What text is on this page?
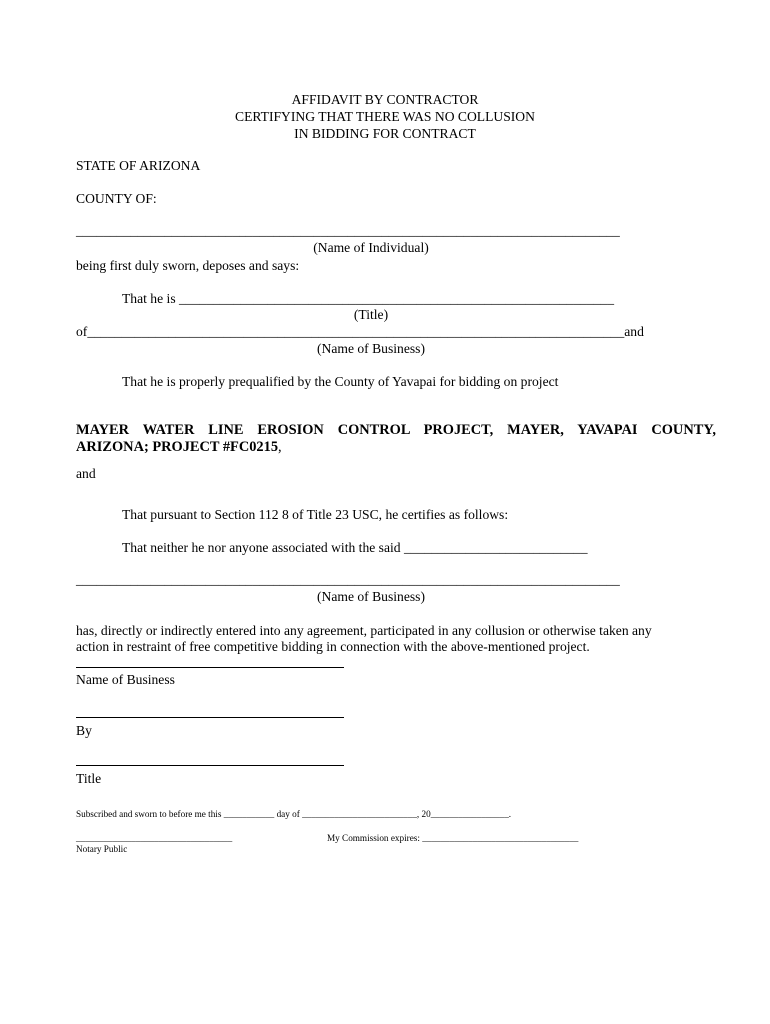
AFFIDAVIT BY CONTRACTOR
CERTIFYING THAT THERE WAS NO COLLUSION
IN BIDDING FOR CONTRACT
STATE OF ARIZONA
COUNTY OF:
________________________________________________________________________________
(Name of Individual)
being first duly sworn, deposes and says:
That he is ________________________________________________________________
(Title)
of_______________________________________________________________________________and
(Name of Business)
That he is properly prequalified by the County of Yavapai for bidding on project
MAYER WATER LINE EROSION CONTROL PROJECT, MAYER, YAVAPAI COUNTY,
ARIZONA; PROJECT #FC0215,
and
That pursuant to Section 112 8 of Title 23 USC, he certifies as follows:
That neither he nor anyone associated with the said ___________________________
________________________________________________________________________________
(Name of Business)
has, directly or indirectly entered into any agreement, participated in any collusion or otherwise taken any
action in restraint of free competitive bidding in connection with the above-mentioned project.
Name of Business
By
Title
Subscribed and sworn to before me this ___________ day of _________________________, 20_________________.
__________________________________	My Commission expires: __________________________________
Notary Public
